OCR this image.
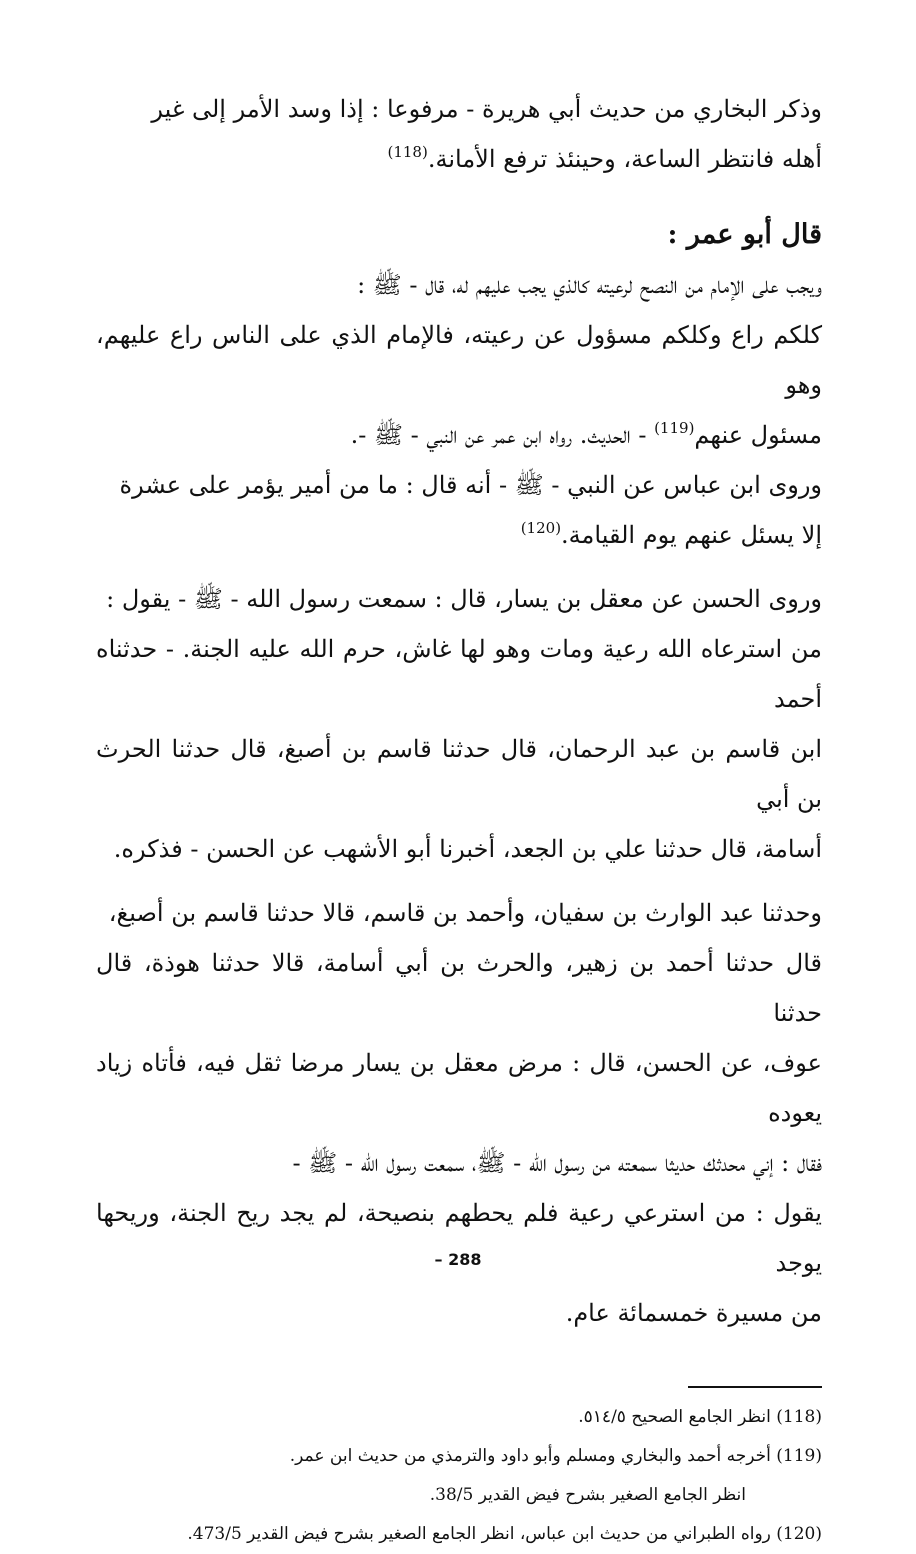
وذكر البخاري من حديث أبي هريرة - مرفوعا : إذا وسد الأمر إلى غير

أهله فانتظر الساعة، وحينئذ ترفع الأمانة.$^{(118)}$

قال أبو عمر :

ويجب على الإمام من النصح لرعيته كالذي يجب عليهم له، قال - ﷺ :

كلكم راع وكلكم مسؤول عن رعيته، فالإمام الذي على الناس راع عليهم، وهو

مسئول عنهم$^{(119)}$ - الحديث. رواه ابن عمر عن النبي - ﷺ -.

وروى ابن عباس عن النبي - ﷺ - أنه قال : ما من أمير يؤمر على عشرة

إلا يسئل عنهم يوم القيامة.$^{(120)}$

وروى الحسن عن معقل بن يسار، قال : سمعت رسول الله - ﷺ - يقول :

من استرعاه الله رعية ومات وهو لها غاش، حرم الله عليه الجنة. - حدثناه أحمد

ابن قاسم بن عبد الرحمان، قال حدثنا قاسم بن أصبغ، قال حدثنا الحرث بن أبي

أسامة، قال حدثنا علي بن الجعد، أخبرنا أبو الأشهب عن الحسن - فذكره.

وحدثنا عبد الوارث بن سفيان، وأحمد بن قاسم، قالا حدثنا قاسم بن أصبغ،

قال حدثنا أحمد بن زهير، والحرث بن أبي أسامة، قالا حدثنا هوذة، قال حدثنا

عوف، عن الحسن، قال : مرض معقل بن يسار مرضا ثقل فيه، فأتاه زياد يعوده

فقال : إني محدثك حديثا سمعته من رسول الله - ﷺ، سمعت رسول الله - ﷺ -

يقول : من استرعي رعية فلم يحطهم بنصيحة، لم يجد ريح الجنة، وريحها يوجد

من مسيرة خمسمائة عام.

(118) انظر الجامع الصحيح ٥١٤/٥.

(119) أخرجه أحمد والبخاري ومسلم وأبو داود والترمذي من حديث ابن عمر.

انظر الجامع الصغير بشرح فيض القدير 38/5.

(120) رواه الطبراني من حديث ابن عباس، انظر الجامع الصغير بشرح فيض القدير 473/5.

– 288
